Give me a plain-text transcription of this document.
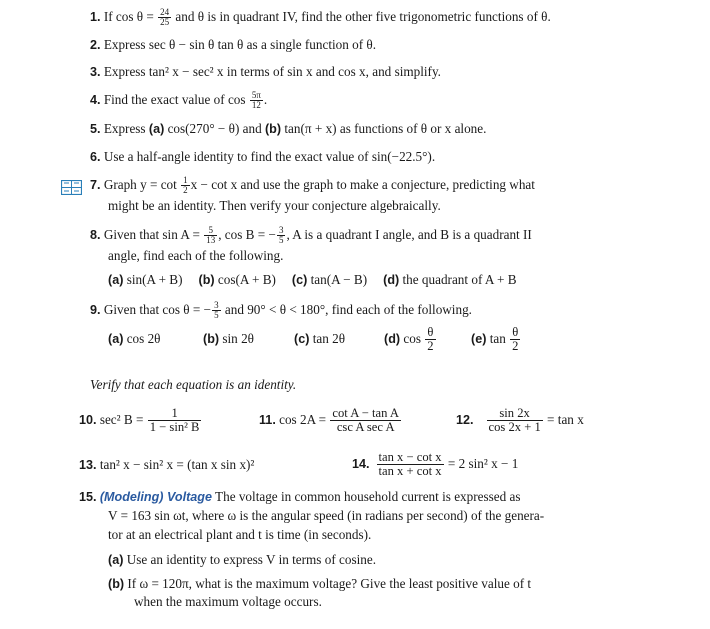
1. If $\cos \theta = \frac{24}{25}$ and θ is in quadrant IV, find the other five trigonometric functions of θ.
2. Express sec θ − sin θ tan θ as a single function of θ.
3. Express tan² x − sec² x in terms of sin x and cos x, and simplify.
4. Find the exact value of $\cos \frac{5\pi}{12}$ .
5. Express (a) cos(270° − θ) and (b) tan(π + x) as functions of θ or x alone.
6. Use a half-angle identity to find the exact value of sin(−22.5°).
7. Graph $y = \cot \frac{1}{2}$ x − cot x and use the graph to make a conjecture, predicting what
might be an identity. Then verify your conjecture algebraically.
8. Given that $\sin A = \frac{5}{13}$ , cos B = − $\frac{3}{5}$ , A is a quadrant I angle, and B is a quadrant II
angle, find each of the following.
(a) sin(A + B) (b) cos(A + B) (c) tan(A − B) (d) the quadrant of A + B
9. Given that cos θ = − $\frac{3}{5}$ and 90° < θ < 180°, find each of the following.
(a) cos 2θ	(b) sin 2θ	(c) tan 2θ	(d) $\cos \frac{\theta}{2}$	(e) $\tan \frac{\theta}{2}$
Verify that each equation is an identity.
10. sec² $B = \frac{1}{\text{1 − sin² B}}$	11. cos 2A = cot A − tan A
csc A sec A
12. $\frac{\sin 2x}{\cos 2x + 1} = \tan x$
13. tan² x − sin² x = (tan x sin x)²	14. $\frac{\text{tan x − cot x}}{\text{tan x + cot x}} = 2$ sin² x − 1
15. (Modeling) Voltage The voltage in common household current is expressed as
V = 163 sin ωt, where ω is the angular speed (in radians per second) of the genera-
tor at an electrical plant and t is time (in seconds).
(a) Use an identity to express V in terms of cosine.
(b) If ω = 120π, what is the maximum voltage? Give the least positive value of t
when the maximum voltage occurs.
